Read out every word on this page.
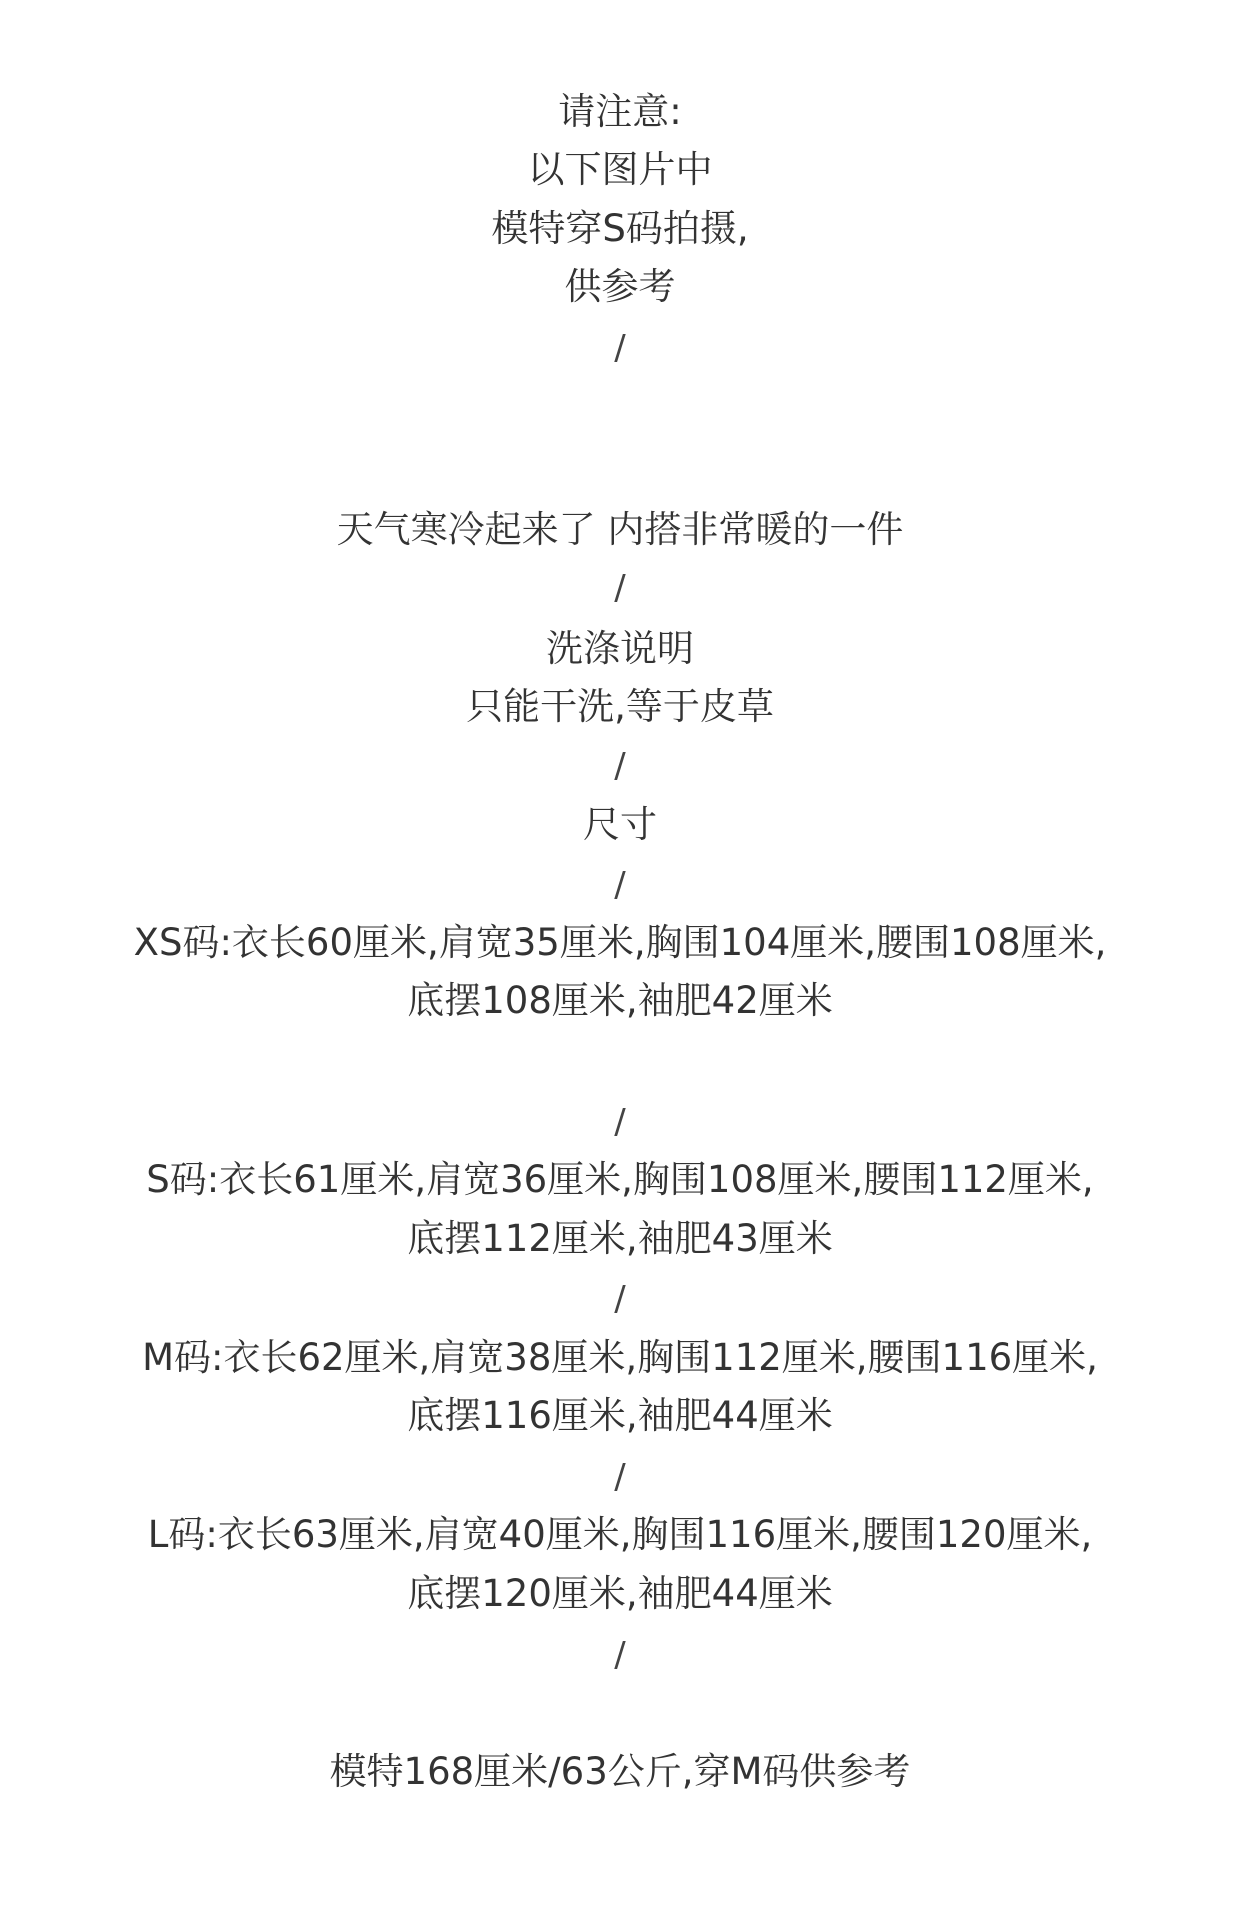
请注意:
以下图片中
模特穿S码拍摄,
供参考
/
天气寒冷起来了 内搭非常暖的一件
/
洗涤说明
只能干洗,等于皮草
/
尺寸
/
XS码:衣长60厘米,肩宽35厘米,胸围104厘米,腰围108厘米,
底摆108厘米,袖肥42厘米
/
S码:衣长61厘米,肩宽36厘米,胸围108厘米,腰围112厘米,
底摆112厘米,袖肥43厘米
/
M码:衣长62厘米,肩宽38厘米,胸围112厘米,腰围116厘米,
底摆116厘米,袖肥44厘米
/
L码:衣长63厘米,肩宽40厘米,胸围116厘米,腰围120厘米,
底摆120厘米,袖肥44厘米
/
模特168厘米/63公斤,穿M码供参考
